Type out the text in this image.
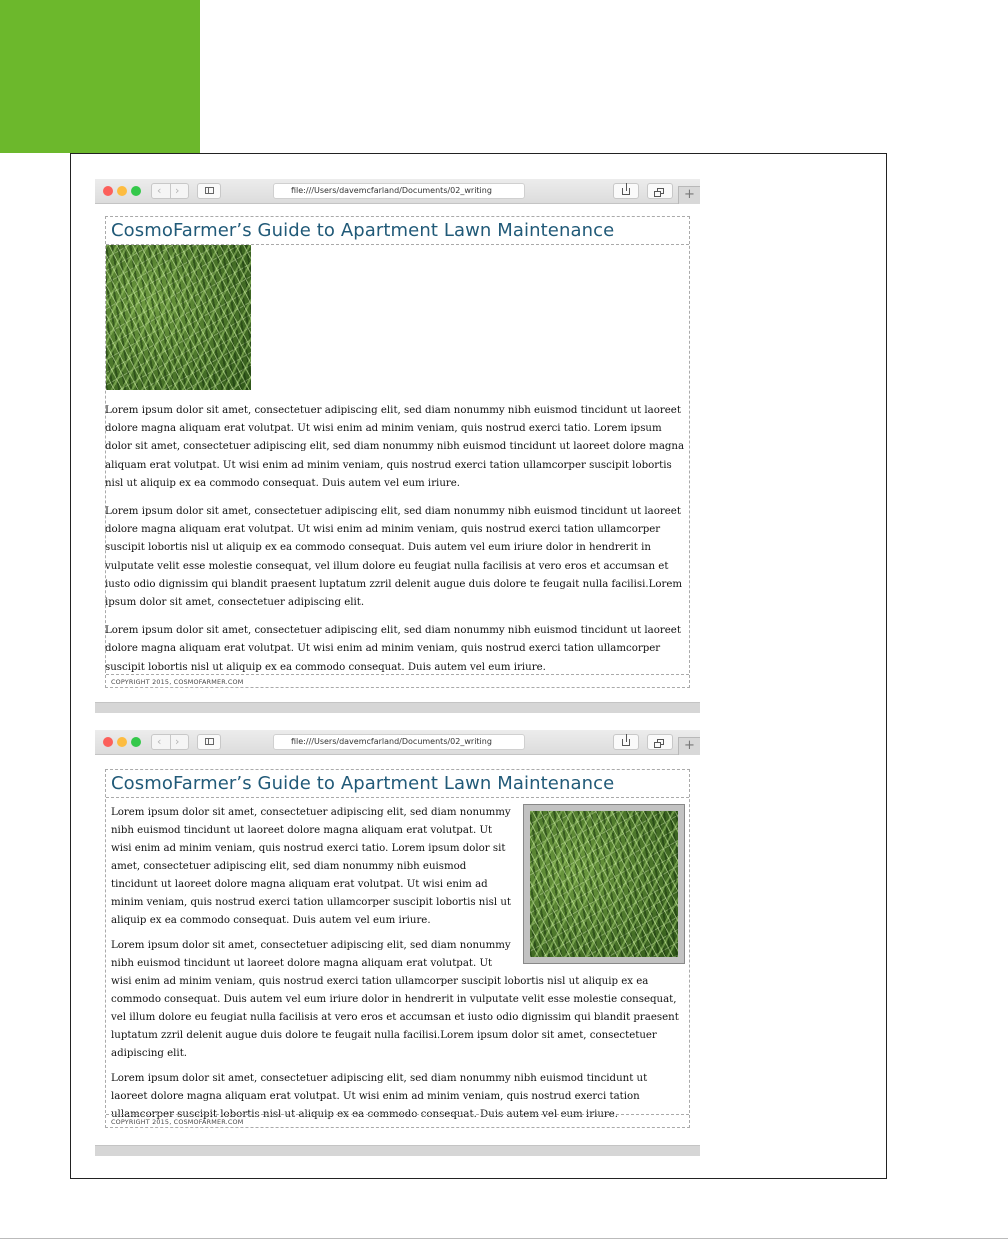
‹ ›	file:///Users/davemcfarland/Documents/02_writing	+
CosmoFarmer’s Guide to Apartment Lawn Maintenance

Lorem ipsum dolor sit amet, consectetuer adipiscing elit, sed diam nonummy nibh euismod tincidunt ut laoreet dolore magna aliquam erat volutpat. Ut wisi enim ad minim veniam, quis nostrud exerci tatio. Lorem ipsum dolor sit amet, consectetuer adipiscing elit, sed diam nonummy nibh euismod tincidunt ut laoreet dolore magna aliquam erat volutpat. Ut wisi enim ad minim veniam, quis nostrud exerci tation ullamcorper suscipit lobortis nisl ut aliquip ex ea commodo consequat. Duis autem vel eum iriure.

Lorem ipsum dolor sit amet, consectetuer adipiscing elit, sed diam nonummy nibh euismod tincidunt ut laoreet dolore magna aliquam erat volutpat. Ut wisi enim ad minim veniam, quis nostrud exerci tation ullamcorper suscipit lobortis nisl ut aliquip ex ea commodo consequat. Duis autem vel eum iriure dolor in hendrerit in vulputate velit esse molestie consequat, vel illum dolore eu feugiat nulla facilisis at vero eros et accumsan et iusto odio dignissim qui blandit praesent luptatum zzril delenit augue duis dolore te feugait nulla facilisi.Lorem ipsum dolor sit amet, consectetuer adipiscing elit.

Lorem ipsum dolor sit amet, consectetuer adipiscing elit, sed diam nonummy nibh euismod tincidunt ut laoreet dolore magna aliquam erat volutpat. Ut wisi enim ad minim veniam, quis nostrud exerci tation ullamcorper suscipit lobortis nisl ut aliquip ex ea commodo consequat. Duis autem vel eum iriure.

COPYRIGHT 2015, COSMOFARMER.COM
‹ ›	file:///Users/davemcfarland/Documents/02_writing	+
CosmoFarmer’s Guide to Apartment Lawn Maintenance

Lorem ipsum dolor sit amet, consectetuer adipiscing elit, sed diam nonummy nibh euismod tincidunt ut laoreet dolore magna aliquam erat volutpat. Ut wisi enim ad minim veniam, quis nostrud exerci tatio. Lorem ipsum dolor sit amet, consectetuer adipiscing elit, sed diam nonummy nibh euismod tincidunt ut laoreet dolore magna aliquam erat volutpat. Ut wisi enim ad minim veniam, quis nostrud exerci tation ullamcorper suscipit lobortis nisl ut aliquip ex ea commodo consequat. Duis autem vel eum iriure.

Lorem ipsum dolor sit amet, consectetuer adipiscing elit, sed diam nonummy nibh euismod tincidunt ut laoreet dolore magna aliquam erat volutpat. Ut wisi enim ad minim veniam, quis nostrud exerci tation ullamcorper suscipit lobortis nisl ut aliquip ex ea commodo consequat. Duis autem vel eum iriure dolor in hendrerit in vulputate velit esse molestie consequat, vel illum dolore eu feugiat nulla facilisis at vero eros et accumsan et iusto odio dignissim qui blandit praesent luptatum zzril delenit augue duis dolore te feugait nulla facilisi.Lorem ipsum dolor sit amet, consectetuer adipiscing elit.

Lorem ipsum dolor sit amet, consectetuer adipiscing elit, sed diam nonummy nibh euismod tincidunt ut laoreet dolore magna aliquam erat volutpat. Ut wisi enim ad minim veniam, quis nostrud exerci tation ullamcorper suscipit lobortis nisl ut aliquip ex ea commodo consequat. Duis autem vel eum iriure.

COPYRIGHT 2015, COSMOFARMER.COM
